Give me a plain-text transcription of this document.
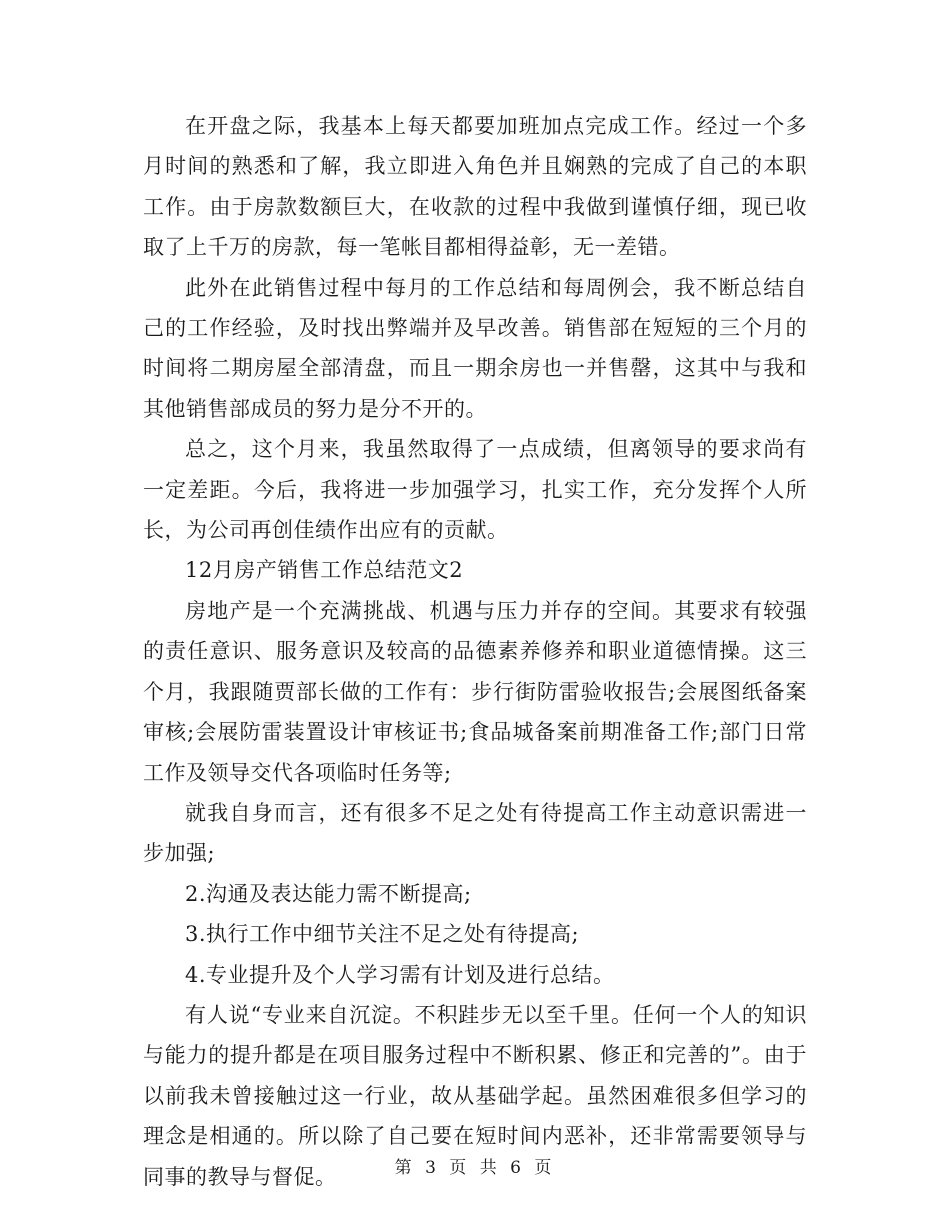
在开盘之际，我基本上每天都要加班加点完成工作。经过一个多月时间的熟悉和了解，我立即进入角色并且娴熟的完成了自己的本职工作。由于房款数额巨大，在收款的过程中我做到谨慎仔细，现已收取了上千万的房款，每一笔帐目都相得益彰，无一差错。

此外在此销售过程中每月的工作总结和每周例会，我不断总结自己的工作经验，及时找出弊端并及早改善。销售部在短短的三个月的时间将二期房屋全部清盘，而且一期余房也一并售罄，这其中与我和其他销售部成员的努力是分不开的。

总之，这个月来，我虽然取得了一点成绩，但离领导的要求尚有一定差距。今后，我将进一步加强学习，扎实工作，充分发挥个人所长，为公司再创佳绩作出应有的贡献。

12月房产销售工作总结范文2

房地产是一个充满挑战、机遇与压力并存的空间。其要求有较强的责任意识、服务意识及较高的品德素养修养和职业道德情操。这三个月，我跟随贾部长做的工作有：步行街防雷验收报告;会展图纸备案审核;会展防雷装置设计审核证书;食品城备案前期准备工作;部门日常工作及领导交代各项临时任务等;

就我自身而言，还有很多不足之处有待提高工作主动意识需进一步加强;

2.沟通及表达能力需不断提高;

3.执行工作中细节关注不足之处有待提高;

4.专业提升及个人学习需有计划及进行总结。

有人说“专业来自沉淀。不积跬步无以至千里。任何一个人的知识与能力的提升都是在项目服务过程中不断积累、修正和完善的”。由于以前我未曾接触过这一行业，故从基础学起。虽然困难很多但学习的理念是相通的。所以除了自己要在短时间内恶补，还非常需要领导与同事的教导与督促。	第 3 页 共 6 页
